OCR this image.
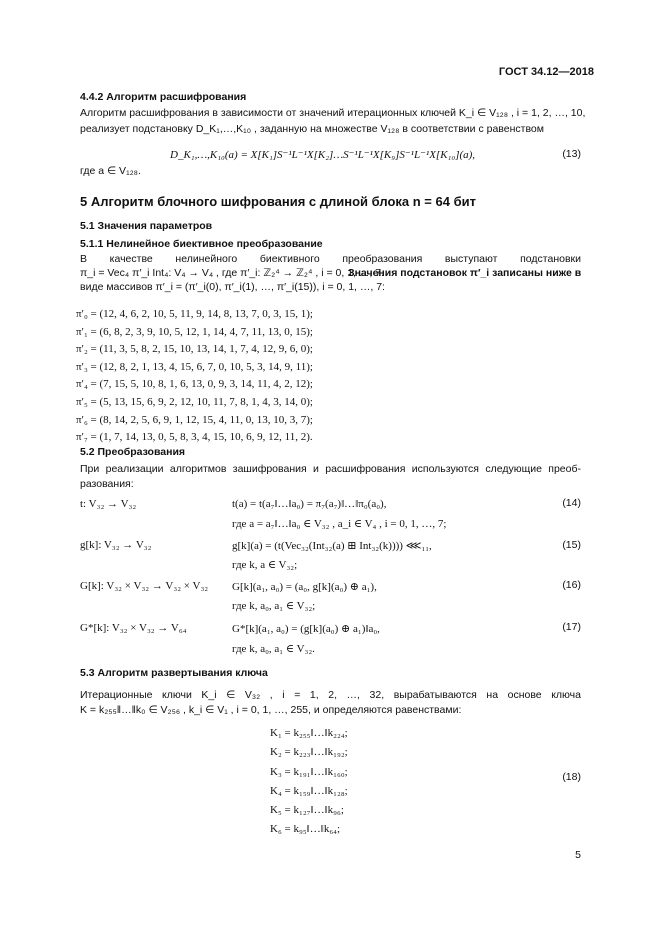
ГОСТ 34.12—2018
4.4.2 Алгоритм расшифрования
Алгоритм расшифрования в зависимости от значений итерационных ключей K_i ∈ V₁₂₈ , i = 1, 2, …, 10,
реализует подстановку D_K₁,…,K₁₀ , заданную на множестве V₁₂₈ в соответствии с равенством
D_K₁,…,K₁₀(a) = X[K₁]S⁻¹L⁻¹X[K₂]…S⁻¹L⁻¹X[K₉]S⁻¹L⁻¹X[K₁₀](a),	(13)
где a ∈ V₁₂₈.
5 Алгоритм блочного шифрования с длиной блока n = 64 бит
5.1 Значения параметров
5.1.1 Нелинейное биективное преобразование
В качестве нелинейного биективного преобразования выступают подстановки
π_i = Vec₄ π′_i Int₄: V₄ → V₄ , где π′_i: ℤ₂⁴ → ℤ₂⁴ , i = 0, 1, …, 7.
Значения подстановок π′_i записаны ниже в
виде массивов π′_i = (π′_i(0), π′_i(1), …, π′_i(15)), i = 0, 1, …, 7:
π′₀ = (12, 4, 6, 2, 10, 5, 11, 9, 14, 8, 13, 7, 0, 3, 15, 1);
π′₁ = (6, 8, 2, 3, 9, 10, 5, 12, 1, 14, 4, 7, 11, 13, 0, 15);
π′₂ = (11, 3, 5, 8, 2, 15, 10, 13, 14, 1, 7, 4, 12, 9, 6, 0);
π′₃ = (12, 8, 2, 1, 13, 4, 15, 6, 7, 0, 10, 5, 3, 14, 9, 11);
π′₄ = (7, 15, 5, 10, 8, 1, 6, 13, 0, 9, 3, 14, 11, 4, 2, 12);
π′₅ = (5, 13, 15, 6, 9, 2, 12, 10, 11, 7, 8, 1, 4, 3, 14, 0);
π′₆ = (8, 14, 2, 5, 6, 9, 1, 12, 15, 4, 11, 0, 13, 10, 3, 7);
π′₇ = (1, 7, 14, 13, 0, 5, 8, 3, 4, 15, 10, 6, 9, 12, 11, 2).
5.2 Преобразования
При реализации алгоритмов зашифрования и расшифрования используются следующие преоб-
разования:
t: V₃₂ → V₃₂	t(a) = t(a₇‖…‖a₀) = π₇(a₇)‖…‖π₀(a₀),	(14)
где a = a₇‖…‖a₀ ∈ V₃₂ , a_i ∈ V₄ , i = 0, 1, …, 7;
g[k]: V₃₂ → V₃₂	g[k](a) = (t(Vec₃₂(Int₃₂(a) ⊞ Int₃₂(k)))) ⋘₁₁,	(15)
где k, a ∈ V₃₂;
G[k]: V₃₂ × V₃₂ → V₃₂ × V₃₂ G[k](a₁, a₀) = (a₀, g[k](a₀) ⊕ a₁),	(16)
где k, a₀, a₁ ∈ V₃₂;
G*[k]: V₃₂ × V₃₂ → V₆₄	G*[k](a₁, a₀) = (g[k](a₀) ⊕ a₁)‖a₀,	(17)
где k, a₀, a₁ ∈ V₃₂.
5.3 Алгоритм развертывания ключа
Итерационные ключи K_i ∈ V₃₂ , i = 1, 2, …, 32, вырабатываются на основе ключа
K = k₂₅₅‖…‖k₀ ∈ V₂₅₆ , k_i ∈ V₁ , i = 0, 1, …, 255, и определяются равенствами:
K₁ = k₂₅₅‖…‖k₂₂₄;
K₂ = k₂₂₃‖…‖k₁₉₂;
K₃ = k₁₉₁‖…‖k₁₆₀;
K₄ = k₁₅₉‖…‖k₁₂₈;
K₅ = k₁₂₇‖…‖k₉₆;
K₆ = k₉₅‖…‖k₆₄;
(18)
5
